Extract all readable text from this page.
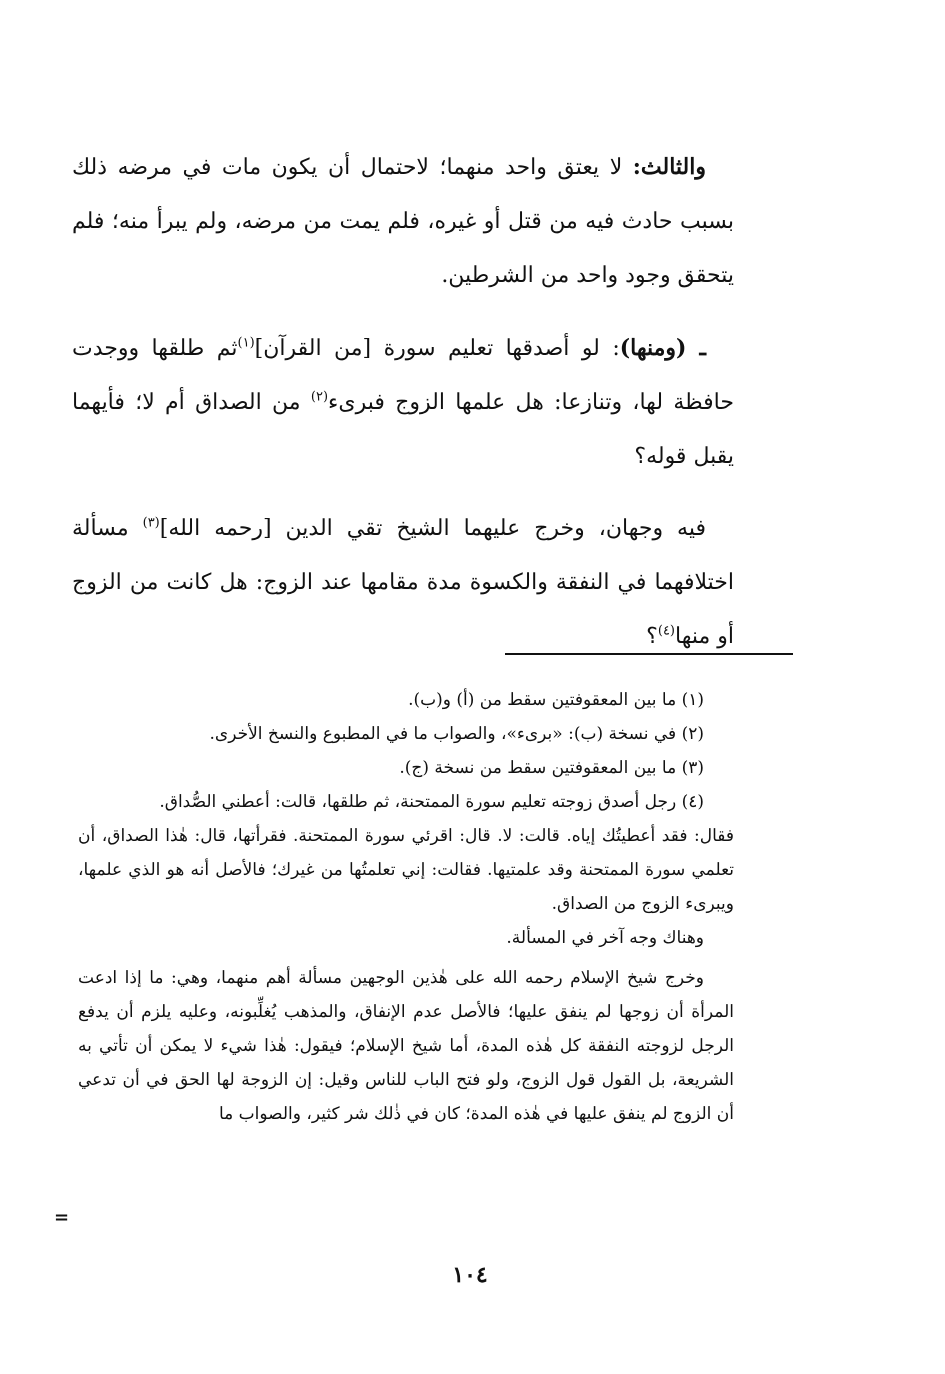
والثالث: لا يعتق واحد منهما؛ لاحتمال أن يكون مات في مرضه ذلك بسبب حادث فيه من قتل أو غيره، فلم يمت من مرضه، ولم يبرأ منه؛ فلم يتحقق وجود واحد من الشرطين.

ـ (ومنها): لو أصدقها تعليم سورة [من القرآن]$^{(١)}$ثم طلقها ووجدت حافظة لها، وتنازعا: هل علمها الزوج فبرىء$^{(٢)}$ من الصداق أم لا؛ فأيهما يقبل قوله؟

فيه وجهان، وخرج عليهما الشيخ تقي الدين [رحمه الله]$^{(٣)}$ مسألة اختلافهما في النفقة والكسوة مدة مقامها عند الزوج: هل كانت من الزوج أو منها$^{(٤)}$؟

(١) ما بين المعقوفتين سقط من (أ) و(ب).

(٢) في نسخة (ب): «برىء»، والصواب ما في المطبوع والنسخ الأخرى.

(٣) ما بين المعقوفتين سقط من نسخة (ج).

(٤) رجل أصدق زوجته تعليم سورة الممتحنة، ثم طلقها، قالت: أعطني الصُّداق.

فقال: فقد أعطيتُك إياه. قالت: لا. قال: اقرئي سورة الممتحنة. فقرأتها، قال: هٰذا الصداق، أن تعلمي سورة الممتحنة وقد علمتيها. فقالت: إني تعلمتُها من غيرك؛ فالأصل أنه هو الذي علمها، ويبرىء الزوج من الصداق.

وهناك وجه آخر في المسألة.

وخرج شيخ الإسلام رحمه الله على هٰذين الوجهين مسألة أهم منهما، وهي: ما إذا ادعت المرأة أن زوجها لم ينفق عليها؛ فالأصل عدم الإنفاق، والمذهب يُغلِّبونه، وعليه يلزم أن يدفع الرجل لزوجته النفقة كل هٰذه المدة، أما شيخ الإسلام؛ فيقول: هٰذا شيء لا يمكن أن تأتي به الشريعة، بل القول قول الزوج، ولو فتح الباب للناس وقيل: إن الزوجة لها الحق في أن تدعي أن الزوج لم ينفق عليها في هٰذه المدة؛ كان في ذٰلك شر كثير، والصواب ما

=
١٠٤
